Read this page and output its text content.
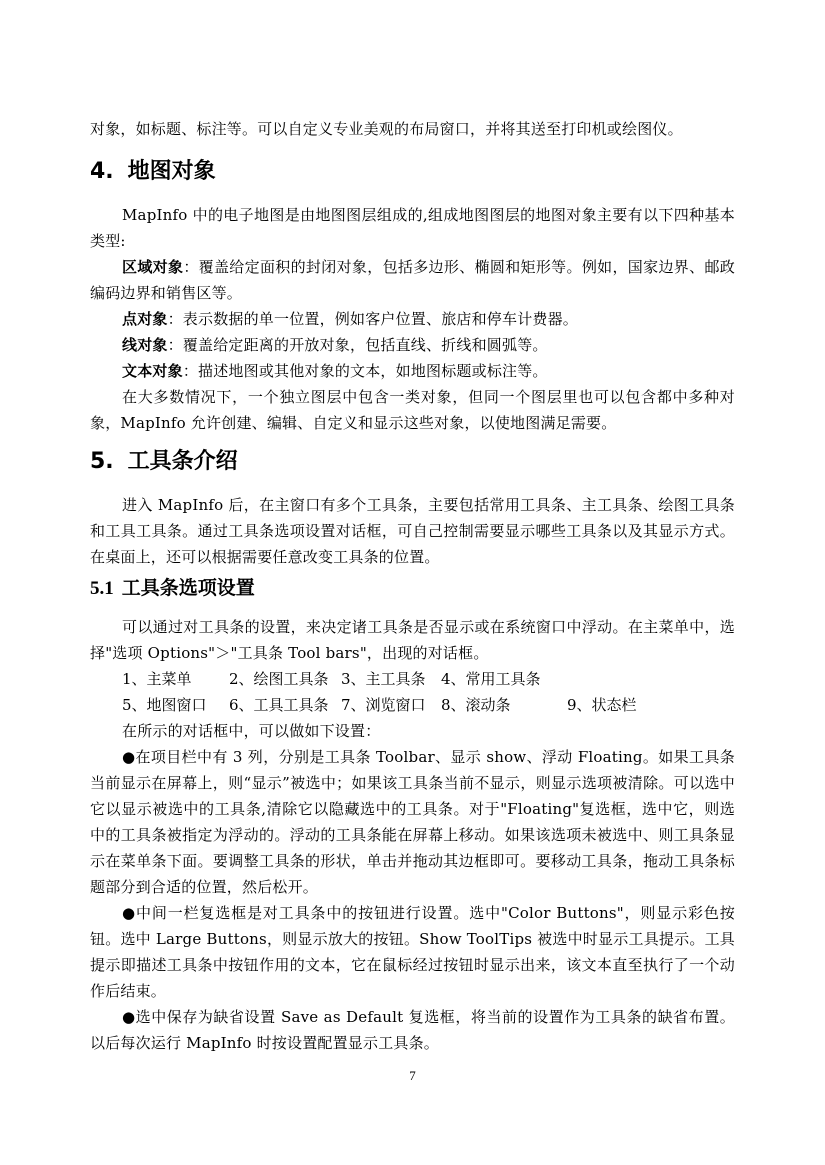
对象，如标题、标注等。可以自定义专业美观的布局窗口，并将其送至打印机或绘图仪。

4. 地图对象

MapInfo 中的电子地图是由地图图层组成的,组成地图图层的地图对象主要有以下四种基本类型:

区域对象：覆盖给定面积的封闭对象，包括多边形、椭圆和矩形等。例如，国家边界、邮政编码边界和销售区等。

点对象：表示数据的单一位置，例如客户位置、旅店和停车计费器。

线对象：覆盖给定距离的开放对象，包括直线、折线和圆弧等。

文本对象：描述地图或其他对象的文本，如地图标题或标注等。

在大多数情况下，一个独立图层中包含一类对象，但同一个图层里也可以包含都中多种对象，MapInfo 允许创建、编辑、自定义和显示这些对象，以使地图满足需要。

5. 工具条介绍

进入 MapInfo 后，在主窗口有多个工具条，主要包括常用工具条、主工具条、绘图工具条和工具工具条。通过工具条选项设置对话框，可自己控制需要显示哪些工具条以及其显示方式。在桌面上，还可以根据需要任意改变工具条的位置。

5.1 工具条选项设置

可以通过对工具条的设置，来决定诸工具条是否显示或在系统窗口中浮动。在主菜单中，选择"选项 Options"＞"工具条 Tool bars"，出现的对话框。

1、主菜单 2、绘图工具条 3、主工具条 4、常用工具条
5、地图窗口 6、工具工具条 7、浏览窗口 8、滚动条	9、状态栏

在所示的对话框中，可以做如下设置：

●在项目栏中有 3 列，分别是工具条 Toolbar、显示 show、浮动 Floating。如果工具条当前显示在屏幕上，则“显示”被选中；如果该工具条当前不显示，则显示选项被清除。可以选中它以显示被选中的工具条,清除它以隐藏选中的工具条。对于"Floating"复选框，选中它，则选中的工具条被指定为浮动的。浮动的工具条能在屏幕上移动。如果该选项未被选中、则工具条显示在菜单条下面。要调整工具条的形状，单击并拖动其边框即可。要移动工具条，拖动工具条标题部分到合适的位置，然后松开。

●中间一栏复选框是对工具条中的按钮进行设置。选中"Color Buttons"，则显示彩色按钮。选中 Large Buttons，则显示放大的按钮。Show ToolTips 被选中时显示工具提示。工具提示即描述工具条中按钮作用的文本，它在鼠标经过按钮时显示出来，该文本直至执行了一个动作后结束。

●选中保存为缺省设置 Save as Default 复选框，将当前的设置作为工具条的缺省布置。以后每次运行 MapInfo 时按设置配置显示工具条。

7
